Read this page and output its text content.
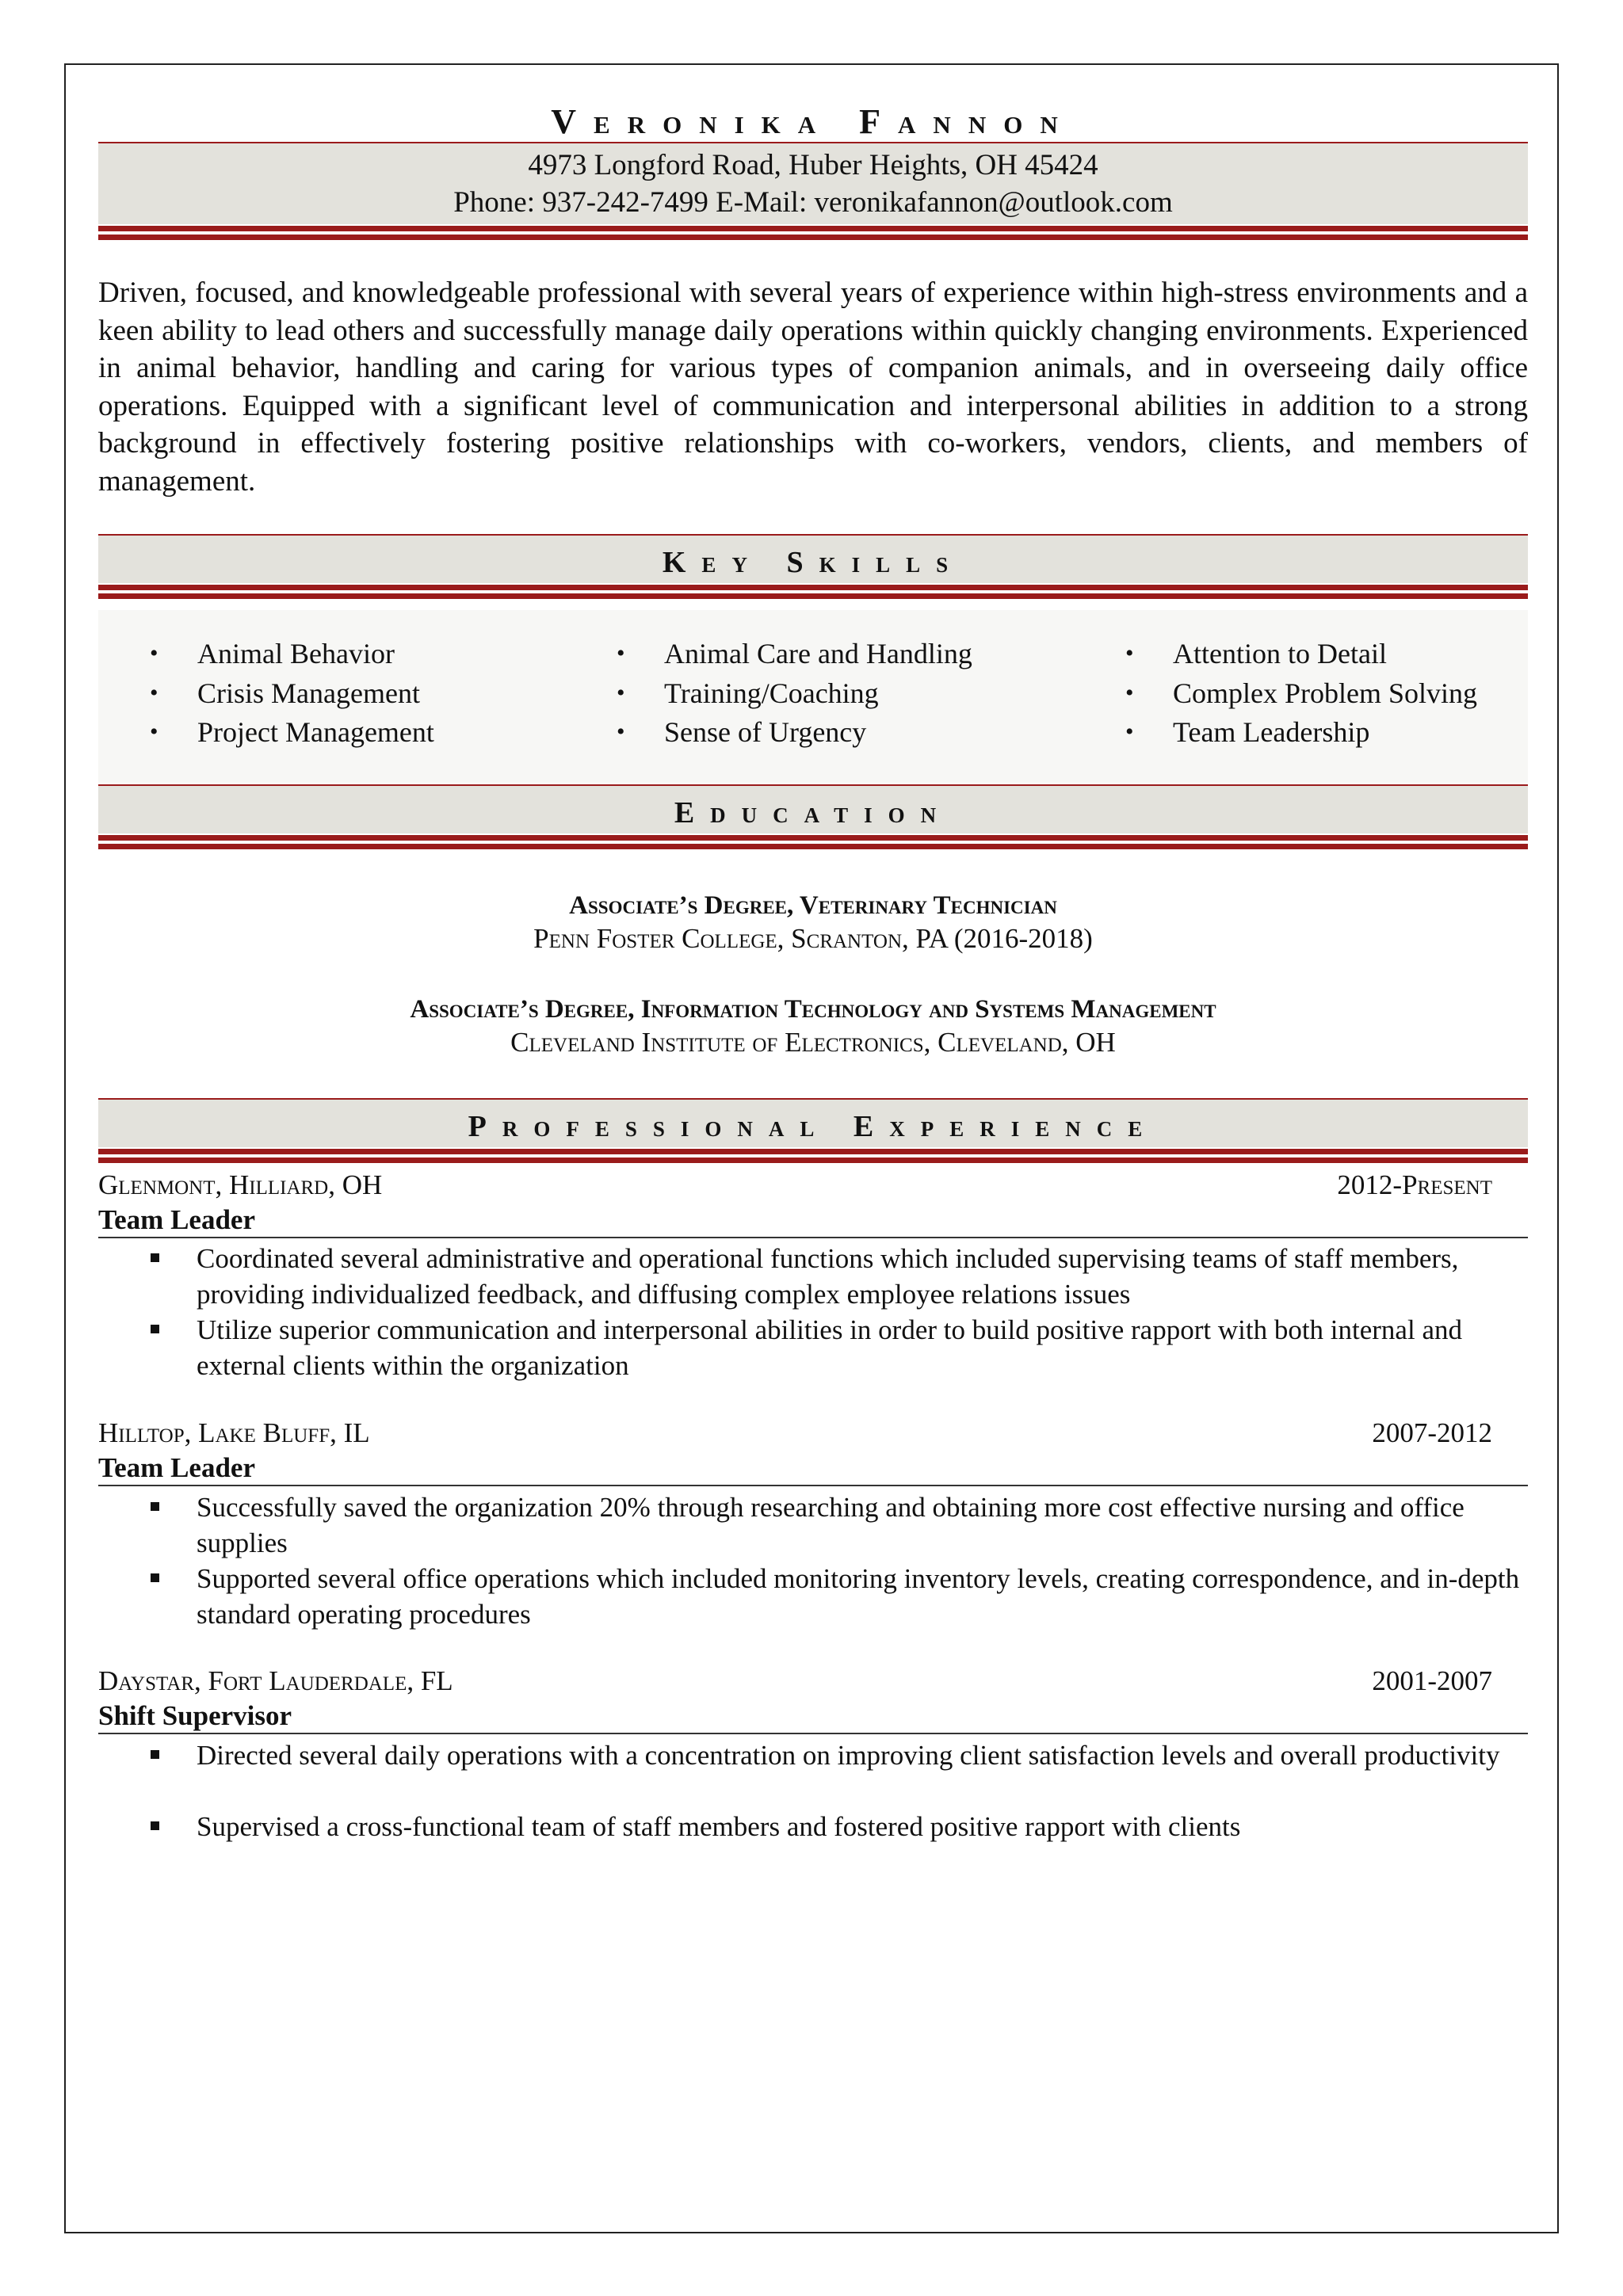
Veronika Fannon
4973 Longford Road, Huber Heights, OH 45424
Phone: 937-242-7499 E-Mail: veronikafannon@outlook.com

Driven, focused, and knowledgeable professional with several years of experience within high-stress environments and a keen ability to lead others and successfully manage daily operations within quickly changing environments. Experienced in animal behavior, handling and caring for various types of companion animals, and in overseeing daily office operations. Equipped with a significant level of communication and interpersonal abilities in addition to a strong background in effectively fostering positive relationships with co-workers, vendors, clients, and members of management.

Key Skills
• Animal Behavior
• Crisis Management
• Project Management
• Animal Care and Handling
• Training/Coaching
• Sense of Urgency
• Attention to Detail
• Complex Problem Solving
• Team Leadership
Education
Associate’s Degree, Veterinary Technician
Penn Foster College, Scranton, PA (2016-2018)
Associate’s Degree, Information Technology and Systems Management
Cleveland Institute of Electronics, Cleveland, OH
Professional Experience
Glenmont, Hilliard, OH	2012-Present
Team Leader
Coordinated several administrative and operational functions which included supervising teams of staff members, providing individualized feedback, and diffusing complex employee relations issues
Utilize superior communication and interpersonal abilities in order to build positive rapport with both internal and external clients within the organization
Hilltop, Lake Bluff, IL	2007-2012
Team Leader
Successfully saved the organization 20% through researching and obtaining more cost effective nursing and office supplies
Supported several office operations which included monitoring inventory levels, creating correspondence, and in-depth standard operating procedures
Daystar, Fort Lauderdale, FL	2001-2007
Shift Supervisor
Directed several daily operations with a concentration on improving client satisfaction levels and overall productivity
Supervised a cross-functional team of staff members and fostered positive rapport with clients
